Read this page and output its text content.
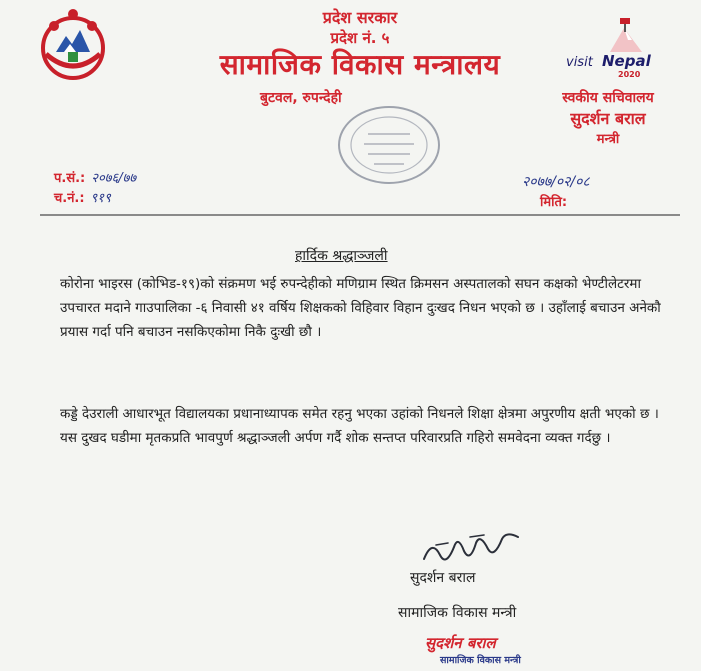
प्रदेश सरकार
प्रदेश नं. ५
सामाजिक विकास मन्त्रालय
बुटवल, रुपन्देही
visit Nepal
2020
स्वकीय सचिवालय
सुदर्शन बराल
मन्त्री
प.सं.: २०७६/७७
च.नं.: ९१९
२०७७/०२/०८
मिति:
हार्दिक श्रद्धाञ्जली
कोरोना भाइरस (कोभिड-१९)को संक्रमण भई रुपन्देहीको मणिग्राम स्थित क्रिमसन अस्पतालको सघन कक्षको भेण्टीलेटरमा उपचारत मदाने गाउपालिका -६ निवासी ४१ वर्षिय शिक्षकको विहिवार विहान दुःखद निधन भएको छ । उहाँलाई बचाउन अनेकौ प्रयास गर्दा पनि बचाउन नसकिएकोमा निकै दुःखी छौ ।
कड्डे देउराली आधारभूत विद्यालयका प्रधानाध्यापक समेत रहनु भएका उहांको निधनले शिक्षा क्षेत्रमा अपुरणीय क्षती भएको छ । यस दुखद घडीमा मृतकप्रति भावपुर्ण श्रद्धाञ्जली अर्पण गर्दै शोक सन्तप्त परिवारप्रति गहिरो समवेदना व्यक्त गर्दछु ।
सुदर्शन बराल
सामाजिक विकास मन्त्री
सुदर्शन बराल
सामाजिक विकास मन्त्री
